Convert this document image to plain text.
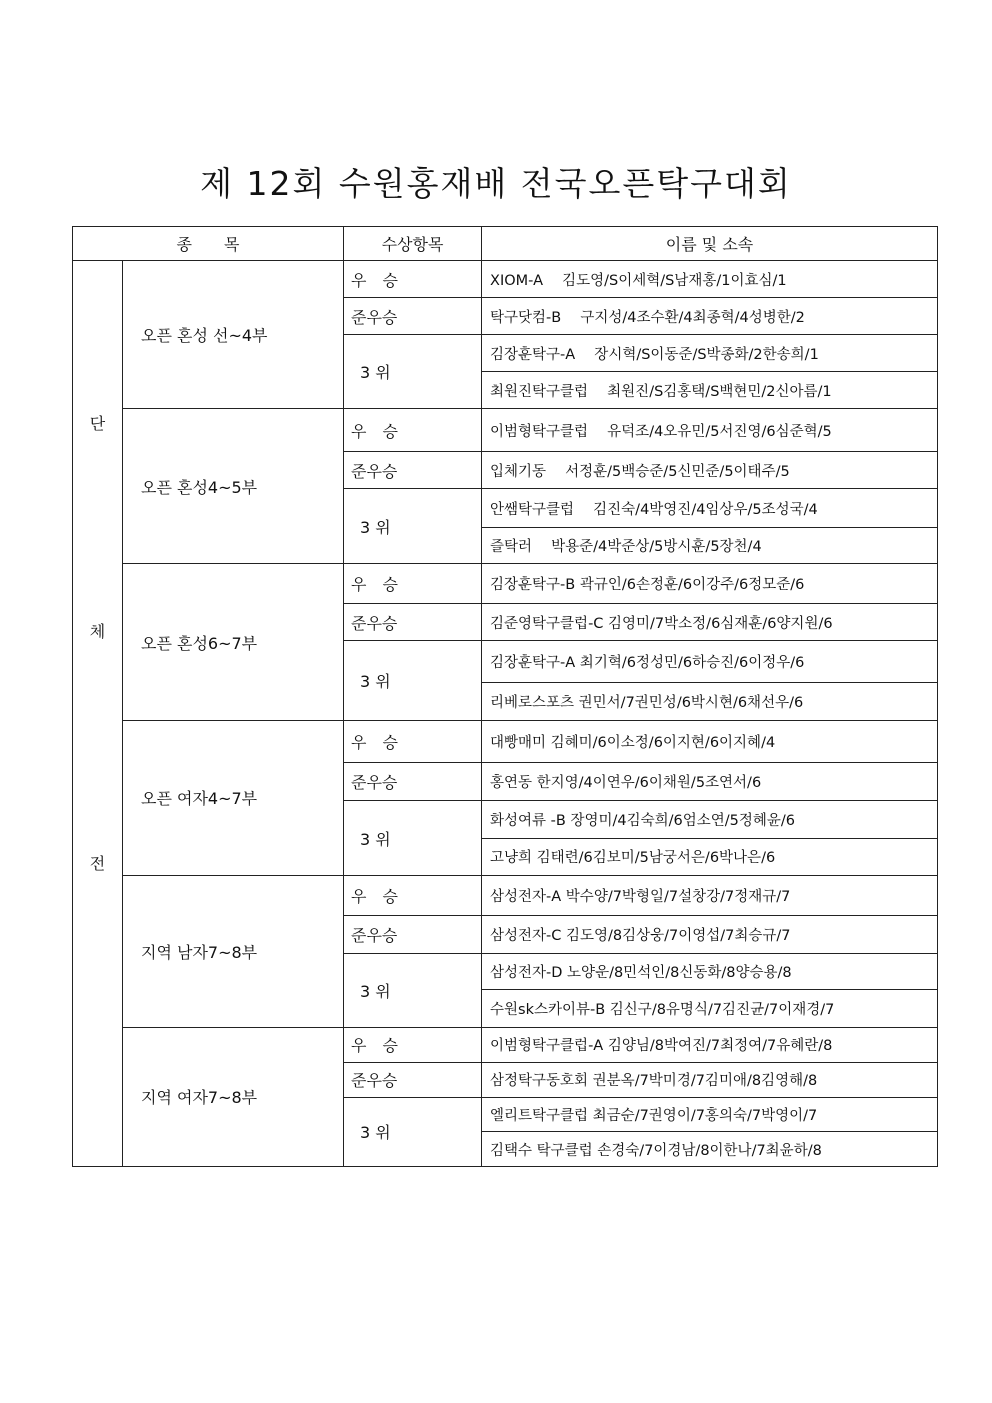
제 12회 수원홍재배 전국오픈탁구대회
종　　목		수상항목	이름 및 소속

단
체
전	오픈 혼성 선~4부	우　승	XIOM-A　 김도영/S이세혁/S남재홍/1이효심/1
		준우승	탁구닷컴-B　 구지성/4조수환/4최종혁/4성병한/2
		3 위	김장훈탁구-A　 장시혁/S이동준/S박종화/2한송희/1
			최원진탁구클럽　 최원진/S김홍택/S백현민/2신아름/1
	오픈 혼성4~5부	우　승	이범형탁구클럽　 유덕조/4오유민/5서진영/6심준혁/5
		준우승	입체기동　 서정훈/5백승준/5신민준/5이태주/5
		3 위	안쌤탁구클럽　 김진숙/4박영진/4임상우/5조성국/4
			즐탁러　 박용준/4박준상/5방시훈/5장천/4
	오픈 혼성6~7부	우　승	김장훈탁구-B 곽규인/6손정훈/6이강주/6정모준/6
		준우승	김준영탁구클럽-C 김영미/7박소정/6심재훈/6양지원/6
		3 위	김장훈탁구-A 최기혁/6정성민/6하승진/6이정우/6
			리베로스포츠 권민서/7권민성/6박시현/6채선우/6
	오픈 여자4~7부	우　승	대빵매미 김혜미/6이소정/6이지현/6이지혜/4
		준우승	홍연동 한지영/4이연우/6이채원/5조연서/6
		3 위	화성여류 -B 장영미/4김숙희/6엄소연/5정혜윤/6
			고냥희 김태련/6김보미/5남궁서은/6박나은/6
	지역 남자7~8부	우　승	삼성전자-A 박수양/7박형일/7설창강/7정재규/7
		준우승	삼성전자-C 김도영/8김상웅/7이영섭/7최승규/7
		3 위	삼성전자-D 노양운/8민석인/8신동화/8양승용/8
			수원sk스카이뷰-B 김신구/8유명식/7김진균/7이재경/7
	지역 여자7~8부	우　승	이범형탁구클럽-A 김양님/8박여진/7최정여/7유혜란/8
		준우승	삼정탁구동호회 권분옥/7박미경/7김미애/8김영해/8
		3 위	엘리트탁구클럽 최금순/7권영이/7홍의숙/7박영이/7
			김택수 탁구클럽 손경숙/7이경남/8이한나/7최윤하/8
